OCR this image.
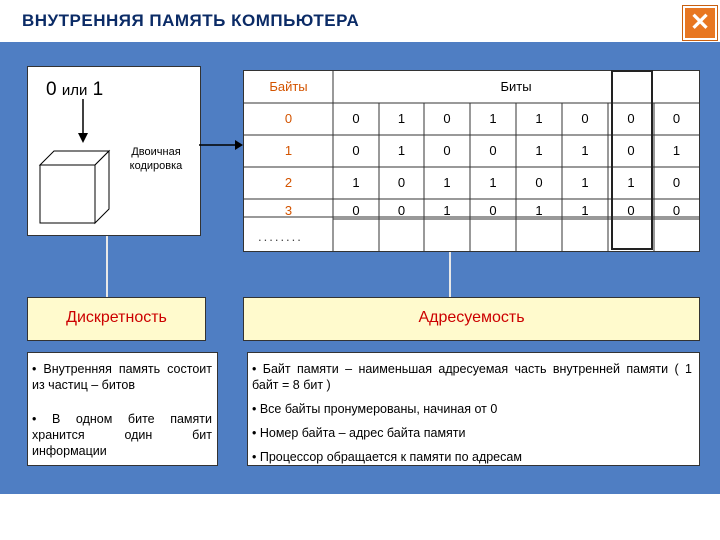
ВНУТРЕННЯЯ ПАМЯТЬ КОМПЬЮТЕРА	✕
0 или 1
Двоичная кодировка
Байты	Биты
0	0	1	0	1	1	0	0	0
1	0	1	0	0	1	1	0	1
2	1	0	1	1	0	1	1	0
3	0	0	1	0	1	1	0	0
........
Дискретность	Адресуемость

• Внутренняя память состоит из частиц – битов

• В одном бите памяти хранится один бит информации

• Байт памяти – наименьшая адресуемая часть внутренней памяти ( 1 байт = 8 бит )

• Все байты пронумерованы, начиная от 0

• Номер байта – адрес байта памяти

• Процессор обращается к памяти по адресам
